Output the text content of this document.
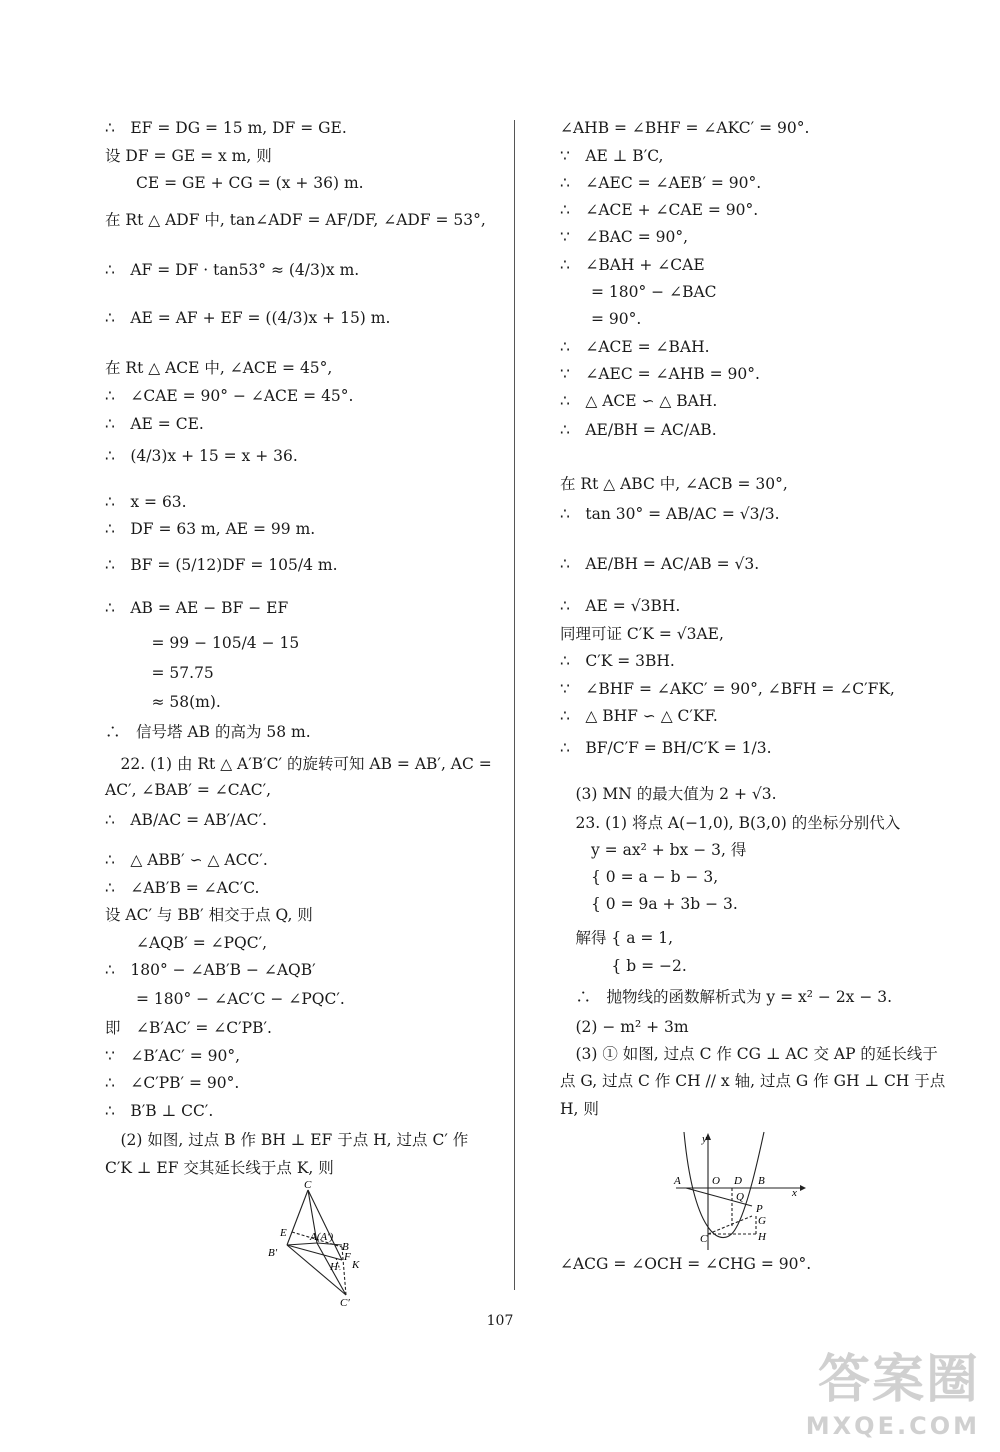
∴　EF = DG = 15 m, DF = GE.
设 DF = GE = x m, 则
　　CE = GE + CG = (x + 36) m.
在 Rt △ ADF 中, tan∠ADF = AF/DF, ∠ADF = 53°,
∴　AF = DF · tan53° ≈ (4/3)x m.
∴　AE = AF + EF = ((4/3)x + 15) m.
在 Rt △ ACE 中, ∠ACE = 45°,
∴　∠CAE = 90° − ∠ACE = 45°.
∴　AE = CE.
∴　(4/3)x + 15 = x + 36.
∴　x = 63.
∴　DF = 63 m, AE = 99 m.
∴　BF = (5/12)DF = 105/4 m.
∴　AB = AE − BF − EF
　　　= 99 − 105/4 − 15
　　　= 57.75
　　　≈ 58(m).
∴　信号塔 AB 的高为 58 m.
　22. (1) 由 Rt △ A′B′C′ 的旋转可知 AB = AB′, AC =
AC′, ∠BAB′ = ∠CAC′,
∴　AB/AC = AB′/AC′.
∴　△ ABB′ ∽ △ ACC′.
∴　∠AB′B = ∠AC′C.
设 AC′ 与 BB′ 相交于点 Q, 则
　　∠AQB′ = ∠PQC′,
∴　180° − ∠AB′B − ∠AQB′
　　= 180° − ∠AC′C − ∠PQC′.
即　∠B′AC′ = ∠C′PB′.
∵　∠B′AC′ = 90°,
∴　∠C′PB′ = 90°.
∴　B′B ⊥ CC′.
　(2) 如图, 过点 B 作 BH ⊥ EF 于点 H, 过点 C′ 作
C′K ⊥ EF 交其延长线于点 K, 则
∠AHB = ∠BHF = ∠AKC′ = 90°.
∵　AE ⊥ B′C,
∴　∠AEC = ∠AEB′ = 90°.
∴　∠ACE + ∠CAE = 90°.
∵　∠BAC = 90°,
∴　∠BAH + ∠CAE
　　= 180° − ∠BAC
　　= 90°.
∴　∠ACE = ∠BAH.
∵　∠AEC = ∠AHB = 90°.
∴　△ ACE ∽ △ BAH.
∴　AE/BH = AC/AB.
在 Rt △ ABC 中, ∠ACB = 30°,
∴　tan 30° = AB/AC = √3/3.
∴　AE/BH = AC/AB = √3.
∴　AE = √3BH.
同理可证 C′K = √3AE,
∴　C′K = 3BH.
∵　∠BHF = ∠AKC′ = 90°, ∠BFH = ∠C′FK,
∴　△ BHF ∽ △ C′KF.
∴　BF/C′F = BH/C′K = 1/3.
　(3) MN 的最大值为 2 + √3.
　23. (1) 将点 A(−1,0), B(3,0) 的坐标分别代入
　　y = ax² + bx − 3, 得
　　{ 0 = a − b − 3,
　　{ 0 = 9a + 3b − 3.
　解得 { a = 1,
　　　 { b = −2.
　∴　抛物线的函数解析式为 y = x² − 2x − 3.
　(2) − m² + 3m
　(3) ① 如图, 过点 C 作 CG ⊥ AC 交 AP 的延长线于
点 G, 过点 C 作 CH // x 轴, 过点 G 作 GH ⊥ CH 于点
H, 则
∠ACG = ∠OCH = ∠CHG = 90°.
C
E A(A′)
B
F
H K
B′
C′
y
A	O D B
x
Q
P
G
C	H
107
答案圈
MXQE.COM
